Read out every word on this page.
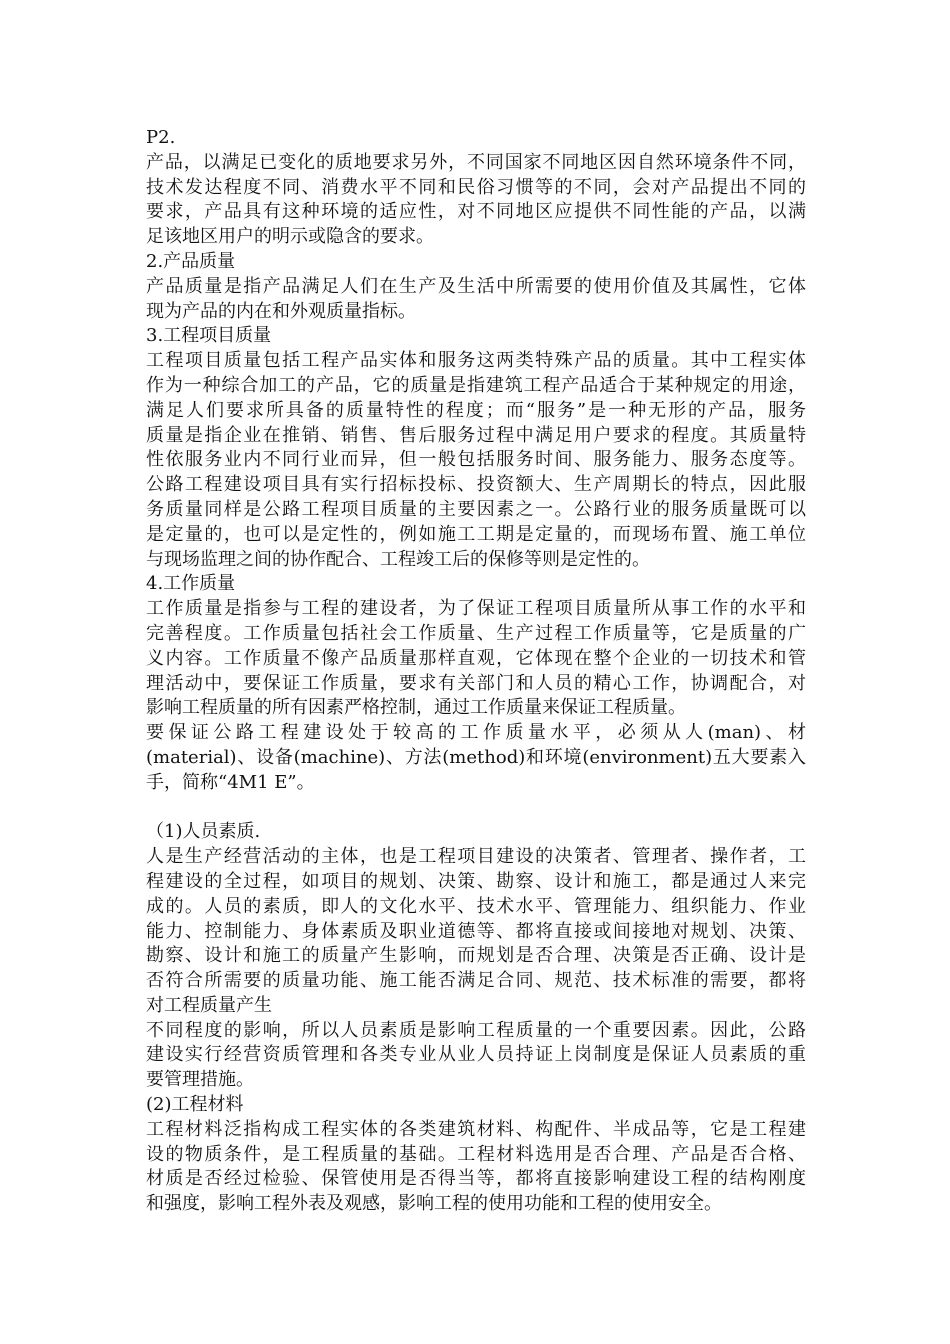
P2.
产品，以满足已变化的质地要求另外，不同国家不同地区因自然环境条件不同，
技术发达程度不同、消费水平不同和民俗习惯等的不同，会对产品提出不同的
要求，产品具有这种环境的适应性，对不同地区应提供不同性能的产品，以满
足该地区用户的明示或隐含的要求。
2.产品质量
产品质量是指产品满足人们在生产及生活中所需要的使用价值及其属性，它体
现为产品的内在和外观质量指标。
3.工程项目质量
工程项目质量包括工程产品实体和服务这两类特殊产品的质量。其中工程实体
作为一种综合加工的产品，它的质量是指建筑工程产品适合于某种规定的用途，
满足人们要求所具备的质量特性的程度；而“服务”是一种无形的产品，服务
质量是指企业在推销、销售、售后服务过程中满足用户要求的程度。其质量特
性依服务业内不同行业而异，但一般包括服务时间、服务能力、服务态度等。
公路工程建设项目具有实行招标投标、投资额大、生产周期长的特点，因此服
务质量同样是公路工程项目质量的主要因素之一。公路行业的服务质量既可以
是定量的，也可以是定性的，例如施工工期是定量的，而现场布置、施工单位
与现场监理之间的协作配合、工程竣工后的保修等则是定性的。
4.工作质量
工作质量是指参与工程的建设者，为了保证工程项目质量所从事工作的水平和
完善程度。工作质量包括社会工作质量、生产过程工作质量等，它是质量的广
义内容。工作质量不像产品质量那样直观，它体现在整个企业的一切技术和管
理活动中，要保证工作质量，要求有关部门和人员的精心工作，协调配合，对
影响工程质量的所有因素严格控制，通过工作质量来保证工程质量。
要保证公路工程建设处于较高的工作质量水平，必须从人(man)、材
(material)、设备(machine)、方法(method)和环境(environment)五大要素入
手，简称“4M1 E”。
（1)人员素质.
人是生产经营活动的主体，也是工程项目建设的决策者、管理者、操作者，工
程建设的全过程，如项目的规划、决策、勘察、设计和施工，都是通过人来完
成的。人员的素质，即人的文化水平、技术水平、管理能力、组织能力、作业
能力、控制能力、身体素质及职业道德等、都将直接或间接地对规划、决策、
勘察、设计和施工的质量产生影响，而规划是否合理、决策是否正确、设计是
否符合所需要的质量功能、施工能否满足合同、规范、技术标准的需要，都将
对工程质量产生
不同程度的影响，所以人员素质是影响工程质量的一个重要因素。因此，公路
建设实行经营资质管理和各类专业从业人员持证上岗制度是保证人员素质的重
要管理措施。
(2)工程材料
工程材料泛指构成工程实体的各类建筑材料、构配件、半成品等，它是工程建
设的物质条件，是工程质量的基础。工程材料选用是否合理、产品是否合格、
材质是否经过检验、保管使用是否得当等，都将直接影响建设工程的结构刚度
和强度，影响工程外表及观感，影响工程的使用功能和工程的使用安全。
